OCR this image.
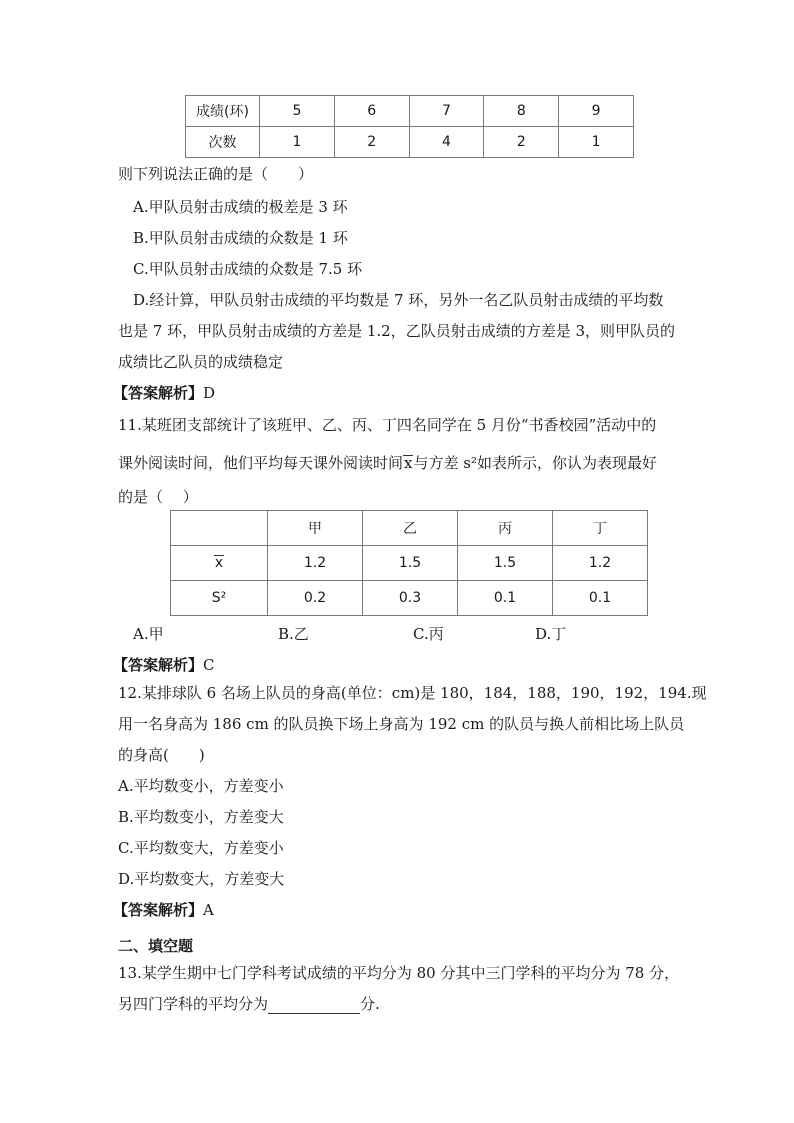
成绩(环)	5	6	7	8	9
次数	1	2	4	2	1
则下列说法正确的是（　　）
A.甲队员射击成绩的极差是 3 环
B.甲队员射击成绩的众数是 1 环
C.甲队员射击成绩的众数是 7.5 环
D.经计算，甲队员射击成绩的平均数是 7 环，另外一名乙队员射击成绩的平均数
也是 7 环，甲队员射击成绩的方差是 1.2，乙队员射击成绩的方差是 3，则甲队员的
成绩比乙队员的成绩稳定
【答案解析】D
11.某班团支部统计了该班甲、乙、丙、丁四名同学在 5 月份“书香校园”活动中的
课外阅读时间，他们平均每天课外阅读时间x与方差 s²如表所示，你认为表现最好
的是（　 ）
	甲	乙	丙	丁
x	1.2	1.5	1.5	1.2
S²	0.2	0.3	0.1	0.1
A.甲	B.乙	C.丙	D.丁
【答案解析】C
12.某排球队 6 名场上队员的身高(单位：cm)是 180，184，188，190，192，194.现
用一名身高为 186 cm 的队员换下场上身高为 192 cm 的队员与换人前相比场上队员
的身高(　　)
A.平均数变小，方差变小
B.平均数变小，方差变大
C.平均数变大，方差变小
D.平均数变大，方差变大
【答案解析】A
二、填空题
13.某学生期中七门学科考试成绩的平均分为 80 分其中三门学科的平均分为 78 分，
另四门学科的平均分为	分.
